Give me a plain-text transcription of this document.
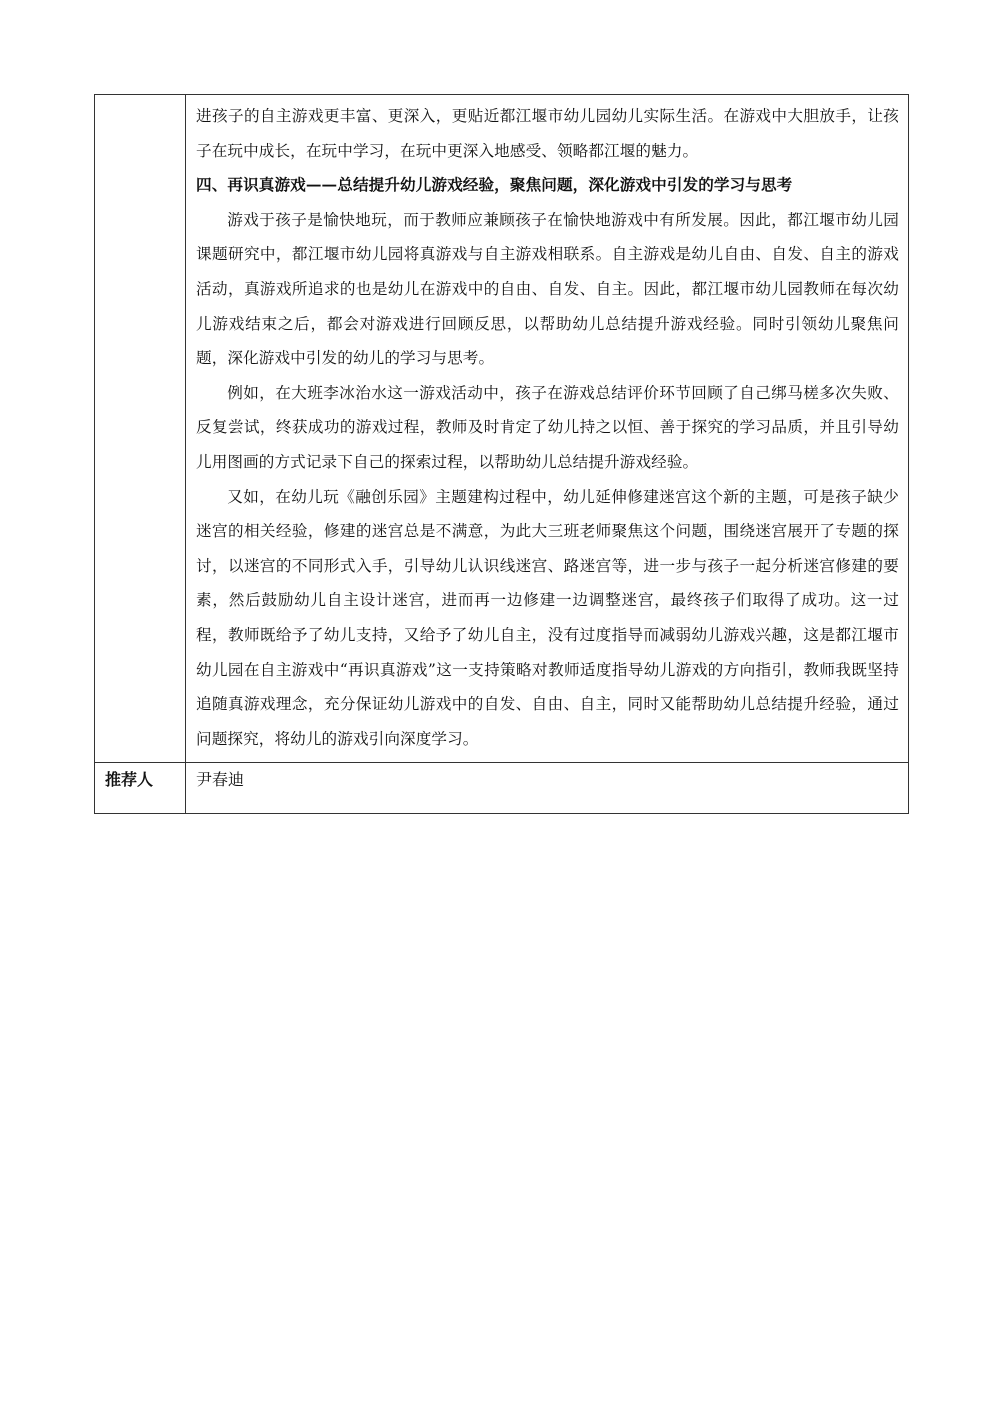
	进孩子的自主游戏更丰富、更深入，更贴近都江堰市幼儿园幼儿实际生活。在游戏中大胆放手，让孩子在玩中成长，在玩中学习，在玩中更深入地感受、领略都江堰的魅力。

四、再识真游戏——总结提升幼儿游戏经验，聚焦问题，深化游戏中引发的学习与思考

游戏于孩子是愉快地玩，而于教师应兼顾孩子在愉快地游戏中有所发展。因此，都江堰市幼儿园课题研究中，都江堰市幼儿园将真游戏与自主游戏相联系。自主游戏是幼儿自由、自发、自主的游戏活动，真游戏所追求的也是幼儿在游戏中的自由、自发、自主。因此，都江堰市幼儿园教师在每次幼儿游戏结束之后，都会对游戏进行回顾反思，以帮助幼儿总结提升游戏经验。同时引领幼儿聚焦问题，深化游戏中引发的幼儿的学习与思考。

例如，在大班李冰治水这一游戏活动中，孩子在游戏总结评价环节回顾了自己绑马槎多次失败、反复尝试，终获成功的游戏过程，教师及时肯定了幼儿持之以恒、善于探究的学习品质，并且引导幼儿用图画的方式记录下自己的探索过程，以帮助幼儿总结提升游戏经验。

又如，在幼儿玩《融创乐园》主题建构过程中，幼儿延伸修建迷宫这个新的主题，可是孩子缺少迷宫的相关经验，修建的迷宫总是不满意，为此大三班老师聚焦这个问题，围绕迷宫展开了专题的探讨，以迷宫的不同形式入手，引导幼儿认识线迷宫、路迷宫等，进一步与孩子一起分析迷宫修建的要素，然后鼓励幼儿自主设计迷宫，进而再一边修建一边调整迷宫，最终孩子们取得了成功。这一过程，教师既给予了幼儿支持，又给予了幼儿自主，没有过度指导而减弱幼儿游戏兴趣，这是都江堰市幼儿园在自主游戏中“再识真游戏”这一支持策略对教师适度指导幼儿游戏的方向指引，教师我既坚持追随真游戏理念，充分保证幼儿游戏中的自发、自由、自主，同时又能帮助幼儿总结提升经验，通过问题探究，将幼儿的游戏引向深度学习。

推荐人	尹春迪
